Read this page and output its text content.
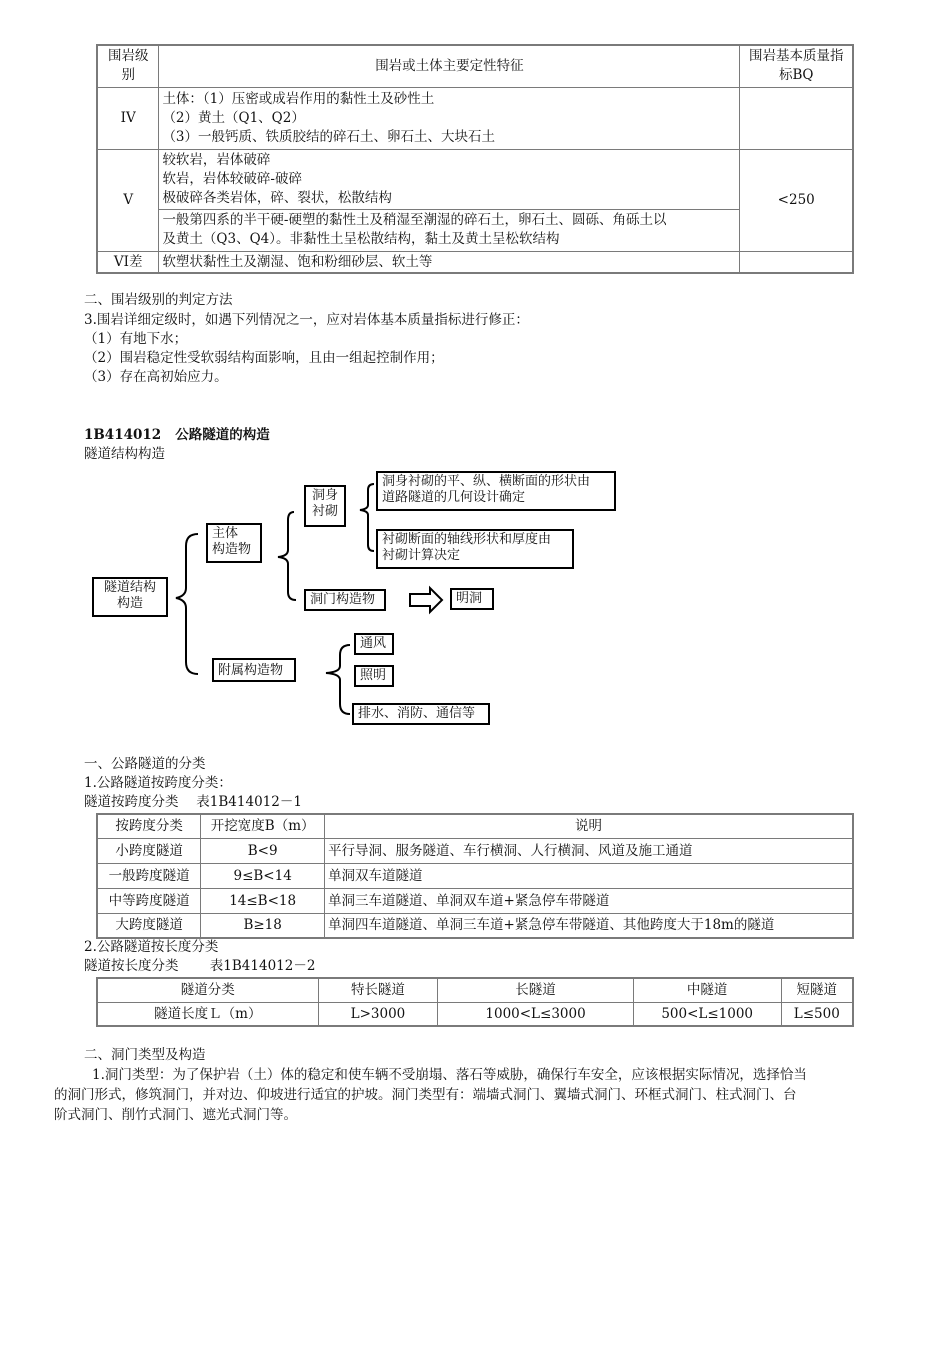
围岩级别	围岩或土体主要定性特征	围岩基本质量指标BQ

IV	土体：（1）压密或成岩作用的黏性土及砂性土
（2）黄土（Q1、Q2）
（3）一般钙质、铁质胶结的碎石土、卵石土、大块石土	

V	较软岩，岩体破碎
软岩，岩体较破碎-破碎
极破碎各类岩体，碎、裂状，松散结构	<250

	一般第四系的半干硬-硬塑的黏性土及稍湿至潮湿的碎石土，卵石土、圆砾、角砾土以
及黄土（Q3、Q4）。非黏性土呈松散结构，黏土及黄土呈松软结构	

VI差	软塑状黏性土及潮湿、饱和粉细砂层、软土等	
二、围岩级别的判定方法
3.围岩详细定级时，如遇下列情况之一，应对岩体基本质量指标进行修正：
（1）有地下水；
（2）围岩稳定性受软弱结构面影响，且由一组起控制作用；
（3）存在高初始应力。
1B414012 公路隧道的构造
隧道结构构造
隧道结构
构造
主体
构造物
洞身
衬砌
洞身衬砌的平、纵、横断面的形状由
道路隧道的几何设计确定
衬砌断面的轴线形状和厚度由
衬砌计算决定
洞门构造物	明洞
附属构造物
通风
照明
排水、消防、通信等
一、公路隧道的分类
1.公路隧道按跨度分类：
隧道按跨度分类　 表1B414012－1
按跨度分类	开挖宽度B（m）	说明
小跨度隧道	B<9	平行导洞、服务隧道、车行横洞、人行横洞、风道及施工通道
一般跨度隧道	9≤B<14	单洞双车道隧道
中等跨度隧道	14≤B<18	单洞三车道隧道、单洞双车道+紧急停车带隧道
大跨度隧道	B≥18	单洞四车道隧道、单洞三车道+紧急停车带隧道、其他跨度大于18m的隧道
2.公路隧道按长度分类
隧道按长度分类　　 表1B414012－2
隧道分类	特长隧道	长隧道	中隧道	短隧道
隧道长度Ｌ（m）	L>3000	1000<L≤3000	500<L≤1000	L≤500
二、洞门类型及构造
1.洞门类型：为了保护岩（土）体的稳定和使车辆不受崩塌、落石等威胁，确保行车安全，应该根据实际情况，选择恰当
的洞门形式，修筑洞门，并对边、仰坡进行适宜的护坡。洞门类型有：端墙式洞门、翼墙式洞门、环框式洞门、柱式洞门、台
阶式洞门、削竹式洞门、遮光式洞门等。
